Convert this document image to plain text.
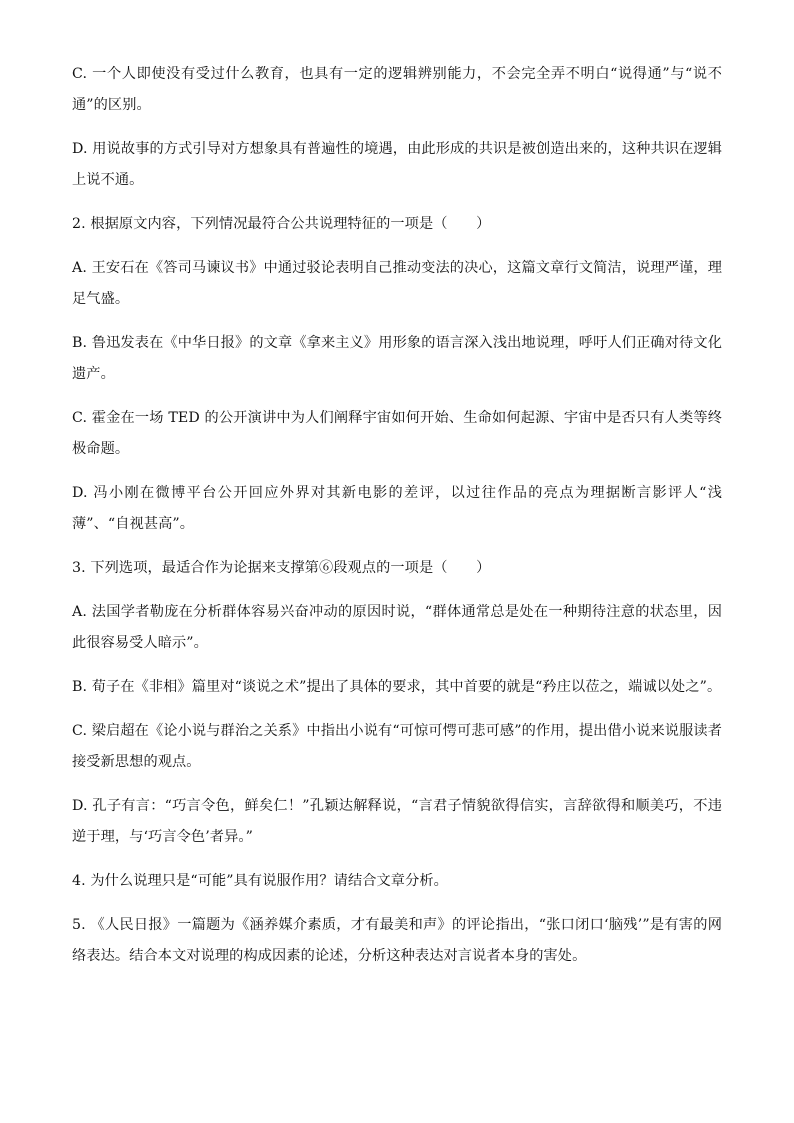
C. 一个人即使没有受过什么教育，也具有一定的逻辑辨别能力，不会完全弄不明白“说得通”与“说不通”的区别。

D. 用说故事的方式引导对方想象具有普遍性的境遇，由此形成的共识是被创造出来的，这种共识在逻辑上说不通。

2. 根据原文内容，下列情况最符合公共说理特征的一项是（　　）

A. 王安石在《答司马谏议书》中通过驳论表明自己推动变法的决心，这篇文章行文简洁，说理严谨，理足气盛。

B. 鲁迅发表在《中华日报》的文章《拿来主义》用形象的语言深入浅出地说理，呼吁人们正确对待文化遗产。

C. 霍金在一场 TED 的公开演讲中为人们阐释宇宙如何开始、生命如何起源、宇宙中是否只有人类等终极命题。

D. 冯小刚在微博平台公开回应外界对其新电影的差评，以过往作品的亮点为理据断言影评人“浅薄”、“自视甚高”。

3. 下列选项，最适合作为论据来支撑第⑥段观点的一项是（　　）

A. 法国学者勒庞在分析群体容易兴奋冲动的原因时说，“群体通常总是处在一种期待注意的状态里，因此很容易受人暗示”。

B. 荀子在《非相》篇里对“谈说之术”提出了具体的要求，其中首要的就是“矜庄以莅之，端诚以处之”。

C. 梁启超在《论小说与群治之关系》中指出小说有“可惊可愕可悲可感”的作用，提出借小说来说服读者接受新思想的观点。

D. 孔子有言：“巧言令色，鲜矣仁！”孔颖达解释说，“言君子情貌欲得信实，言辞欲得和顺美巧，不违逆于理，与‘巧言令色’者异。”

4. 为什么说理只是“可能”具有说服作用？请结合文章分析。

5. 《人民日报》一篇题为《涵养媒介素质，才有最美和声》的评论指出，“张口闭口‘脑残’”是有害的网络表达。结合本文对说理的构成因素的论述，分析这种表达对言说者本身的害处。
